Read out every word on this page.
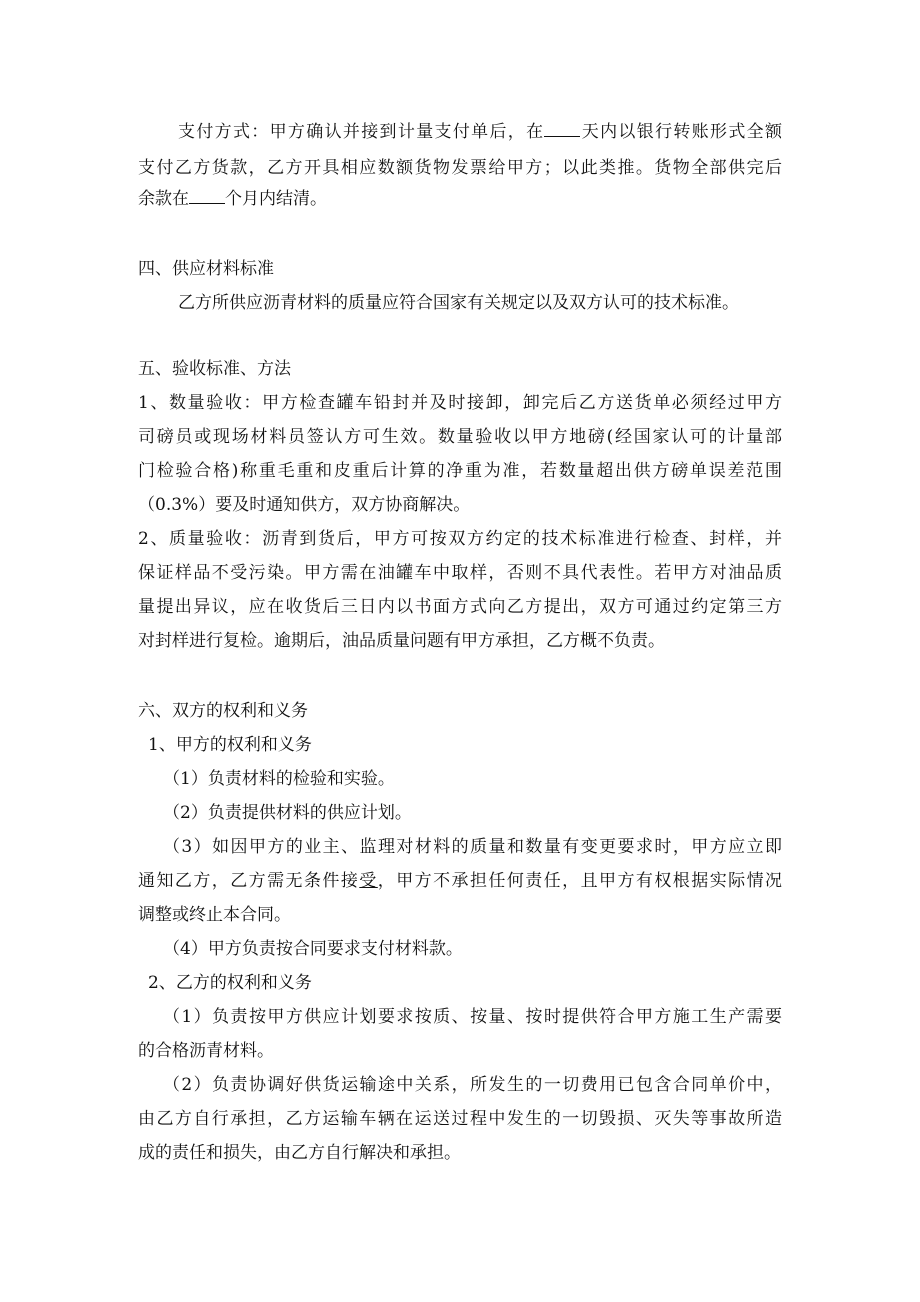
支付方式：甲方确认并接到计量支付单后，在 天内以银行转账形式全额
支付乙方货款，乙方开具相应数额货物发票给甲方；以此类推。货物全部供完后
余款在 个月内结清。
四、供应材料标准
乙方所供应沥青材料的质量应符合国家有关规定以及双方认可的技术标准。
五、验收标准、方法
1、数量验收：甲方检查罐车铅封并及时接卸，卸完后乙方送货单必须经过甲方
司磅员或现场材料员签认方可生效。数量验收以甲方地磅(经国家认可的计量部
门检验合格)称重毛重和皮重后计算的净重为准，若数量超出供方磅单误差范围
（0.3%）要及时通知供方，双方协商解决。
2、质量验收：沥青到货后，甲方可按双方约定的技术标准进行检查、封样，并
保证样品不受污染。甲方需在油罐车中取样，否则不具代表性。若甲方对油品质
量提出异议，应在收货后三日内以书面方式向乙方提出，双方可通过约定第三方
对封样进行复检。逾期后，油品质量问题有甲方承担，乙方概不负责。
六、双方的权利和义务
1、甲方的权利和义务
（1）负责材料的检验和实验。
（2）负责提供材料的供应计划。
（3）如因甲方的业主、监理对材料的质量和数量有变更要求时，甲方应立即
通知乙方，乙方需无条件接受，甲方不承担任何责任，且甲方有权根据实际情况
调整或终止本合同。
（4）甲方负责按合同要求支付材料款。
2、乙方的权利和义务
（1）负责按甲方供应计划要求按质、按量、按时提供符合甲方施工生产需要
的合格沥青材料。
（2）负责协调好供货运输途中关系，所发生的一切费用已包含合同单价中，
由乙方自行承担，乙方运输车辆在运送过程中发生的一切毁损、灭失等事故所造
成的责任和损失，由乙方自行解决和承担。
